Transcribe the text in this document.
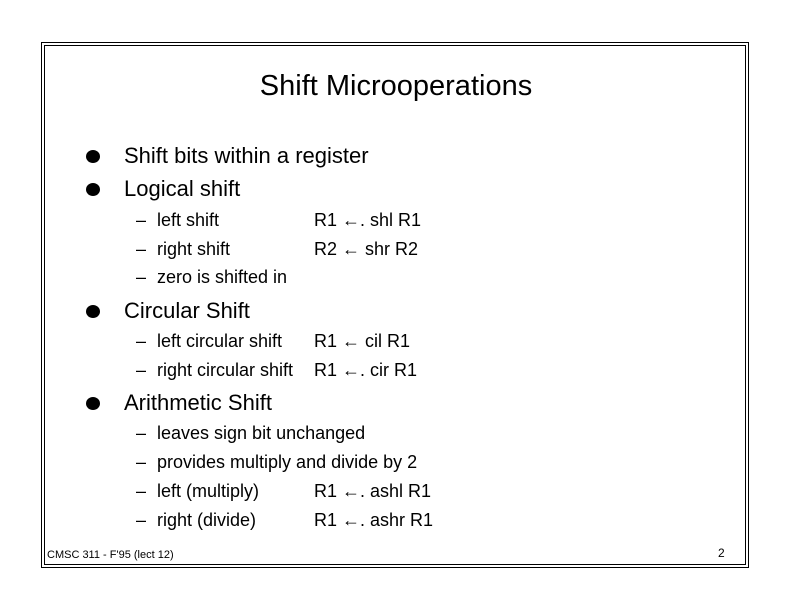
Shift Microoperations
Shift bits within a register
Logical shift
– left shift	R1 ←. shl R1
– right shift	R2 ← shr R2
– zero is shifted in
Circular Shift
– left circular shift R1 ← cil R1
– right circular shift R1 ←. cir R1
Arithmetic Shift
– leaves sign bit unchanged
– provides multiply and divide by 2
– left (multiply)	R1 ←. ashl R1
– right (divide)	R1 ←. ashr R1
CMSC 311 - F'95 (lect 12)	2
